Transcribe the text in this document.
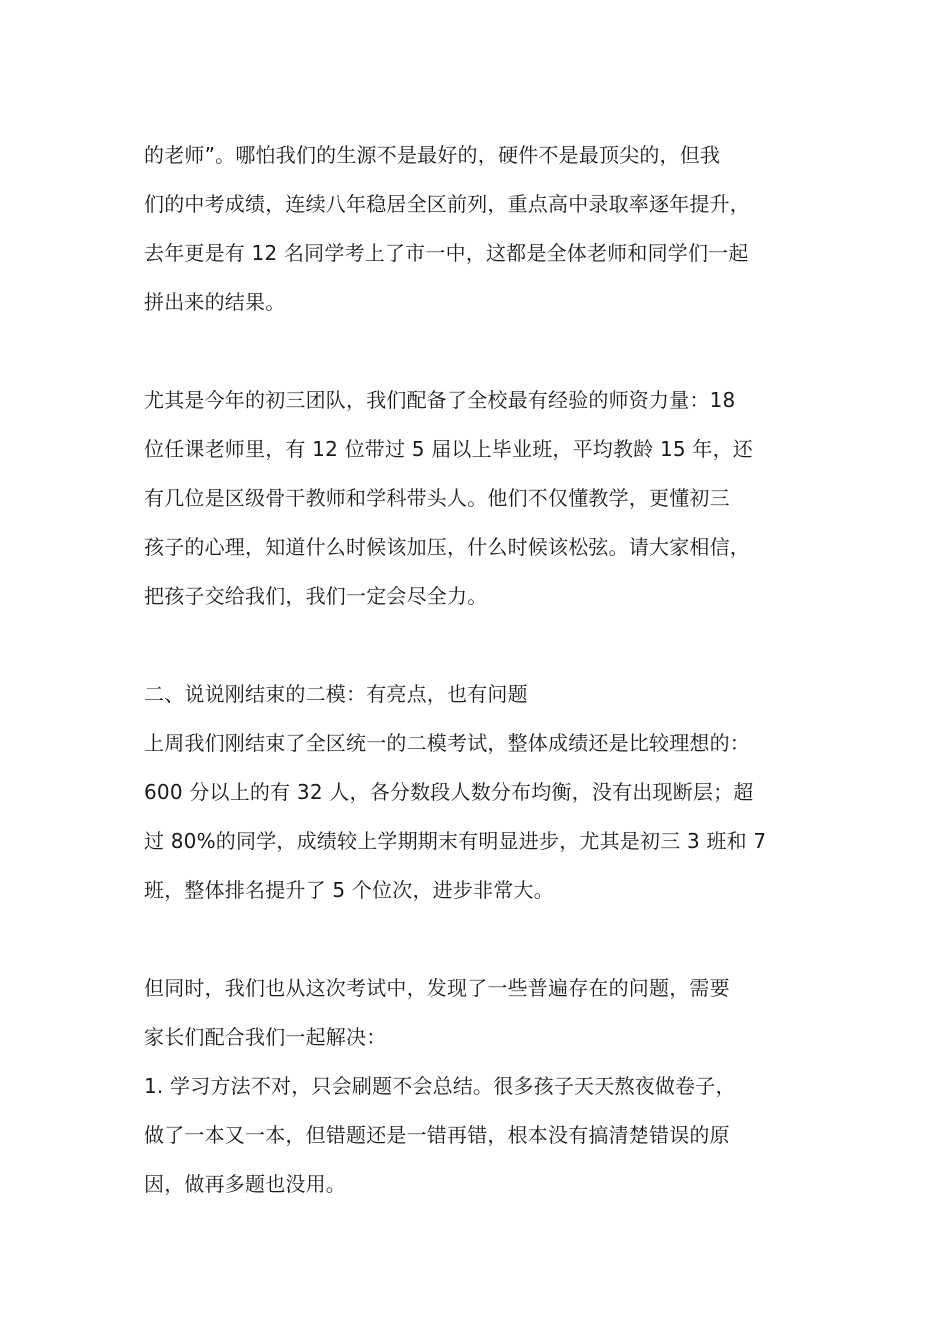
的老师”。哪怕我们的生源不是最好的，硬件不是最顶尖的，但我
们的中考成绩，连续八年稳居全区前列，重点高中录取率逐年提升，
去年更是有 12 名同学考上了市一中，这都是全体老师和同学们一起
拼出来的结果。
尤其是今年的初三团队，我们配备了全校最有经验的师资力量：18
位任课老师里，有 12 位带过 5 届以上毕业班，平均教龄 15 年，还
有几位是区级骨干教师和学科带头人。他们不仅懂教学，更懂初三
孩子的心理，知道什么时候该加压，什么时候该松弦。请大家相信，
把孩子交给我们，我们一定会尽全力。
二、说说刚结束的二模：有亮点，也有问题
上周我们刚结束了全区统一的二模考试，整体成绩还是比较理想的：
600 分以上的有 32 人，各分数段人数分布均衡，没有出现断层；超
过 80%的同学，成绩较上学期期末有明显进步，尤其是初三 3 班和 7
班，整体排名提升了 5 个位次，进步非常大。
但同时，我们也从这次考试中，发现了一些普遍存在的问题，需要
家长们配合我们一起解决：
1. 学习方法不对，只会刷题不会总结。很多孩子天天熬夜做卷子，
做了一本又一本，但错题还是一错再错，根本没有搞清楚错误的原
因，做再多题也没用。
